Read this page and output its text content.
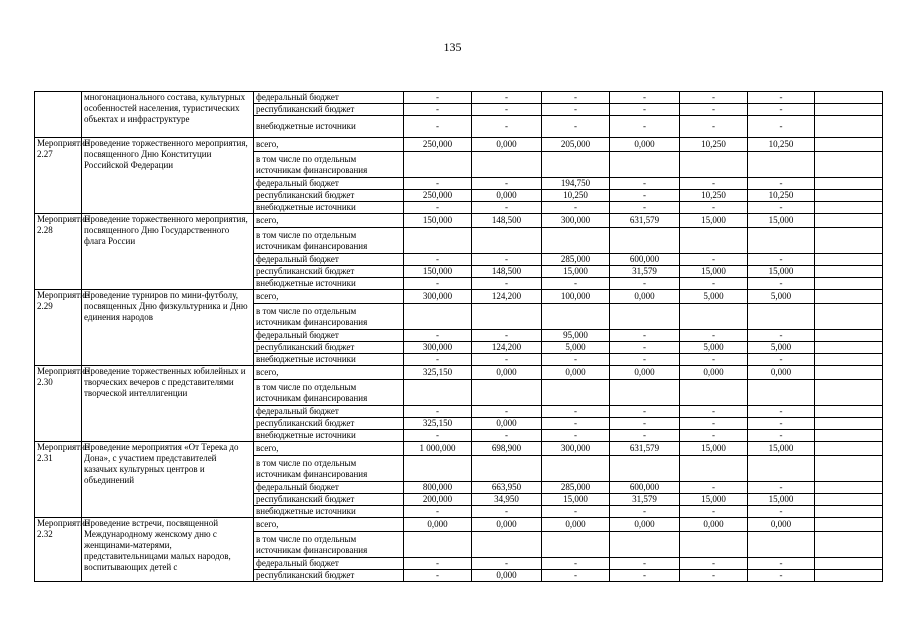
135
	многонационального состава, культурных особенностей населения, туристических объектах и инфраструктуре	федеральный бюджет	-	-	-	-	-	-	
		республиканский бюджет	-	-	-	-	-	-	
		внебюджетные источники	-	-	-	-	-	-	
Мероприятие 2.27	Проведение торжественного мероприятия, посвященного Дню Конституции Российской Федерации	всего,	250,000	0,000	205,000	0,000	10,250	10,250	
		в том числе по отдельным источникам финансирования							
		федеральный бюджет	-	-	194,750	-	-	-	
		республиканский бюджет	250,000	0,000	10,250	-	10,250	10,250	
		внебюджетные источники	-	-	-	-	-	-	
Мероприятие 2.28	Проведение торжественного мероприятия, посвященного Дню Государственного флага России	всего,	150,000	148,500	300,000	631,579	15,000	15,000	
		в том числе по отдельным источникам финансирования							
		федеральный бюджет	-	-	285,000	600,000	-	-	
		республиканский бюджет	150,000	148,500	15,000	31,579	15,000	15,000	
		внебюджетные источники	-	-	-	-	-	-	
Мероприятие 2.29	Проведение турниров по мини-футболу, посвященных Дню физкультурника и Дню единения народов	всего,	300,000	124,200	100,000	0,000	5,000	5,000	
		в том числе по отдельным источникам финансирования							
		федеральный бюджет	-	-	95,000	-	-	-	
		республиканский бюджет	300,000	124,200	5,000	-	5,000	5,000	
		внебюджетные источники	-	-	-	-	-	-	
Мероприятие 2.30	Проведение торжественных юбилейных и творческих вечеров с представителями творческой интеллигенции	всего,	325,150	0,000	0,000	0,000	0,000	0,000	
		в том числе по отдельным источникам финансирования							
		федеральный бюджет	-	-	-	-	-	-	
		республиканский бюджет	325,150	0,000	-	-	-	-	
		внебюджетные источники	-	-	-	-	-	-	
Мероприятие 2.31	Проведение мероприятия «От Терека до Дона», с участием представителей казачьих культурных центров и объединений	всего,	1 000,000	698,900	300,000	631,579	15,000	15,000	
		в том числе по отдельным источникам финансирования							
		федеральный бюджет	800,000	663,950	285,000	600,000	-	-	
		республиканский бюджет	200,000	34,950	15,000	31,579	15,000	15,000	
		внебюджетные источники	-	-	-	-	-	-	
Мероприятие 2.32	Проведение встречи, посвященной Международному женскому дню с женщинами-матерями, представительницами малых народов, воспитывающих детей с	всего,	0,000	0,000	0,000	0,000	0,000	0,000	
		в том числе по отдельным источникам финансирования							
		федеральный бюджет	-	-	-	-	-	-	
		республиканский бюджет	-	0,000	-	-	-	-	
